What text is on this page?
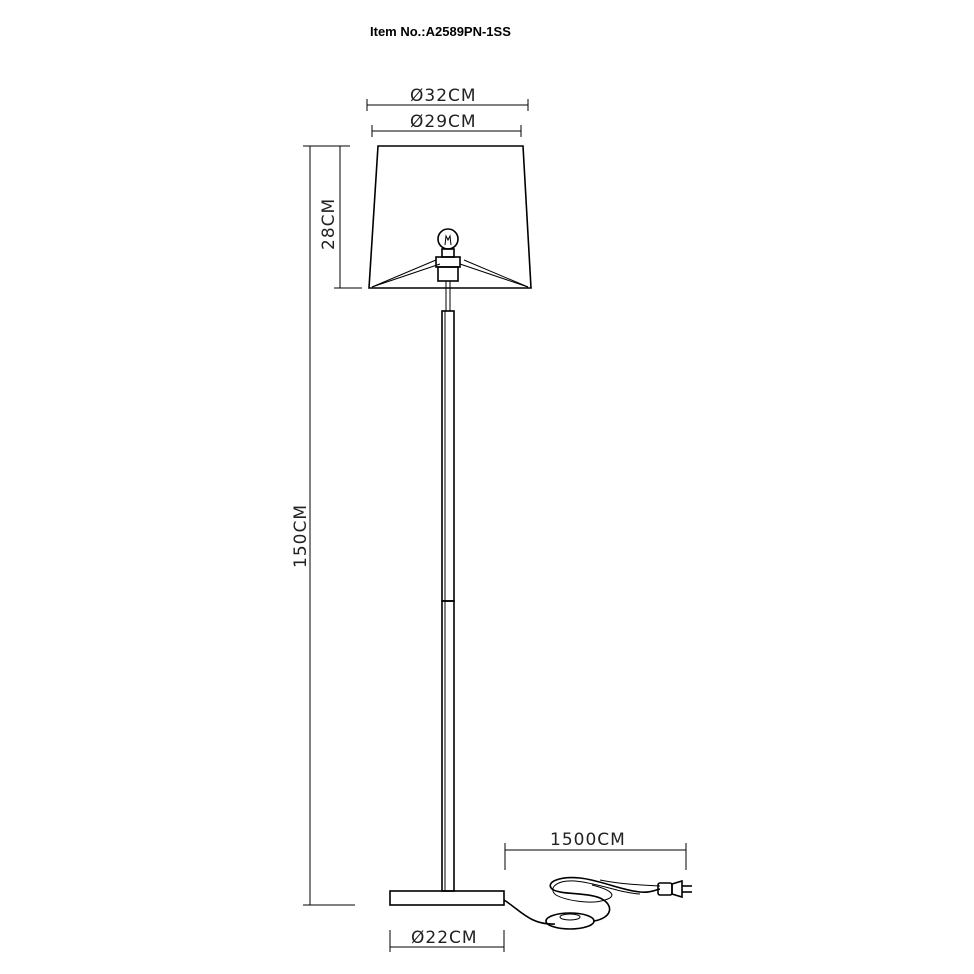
Item No.:A2589PN-1SS
Ø32CM
Ø29CM
150CM
28CM
1500CM
Ø22CM
